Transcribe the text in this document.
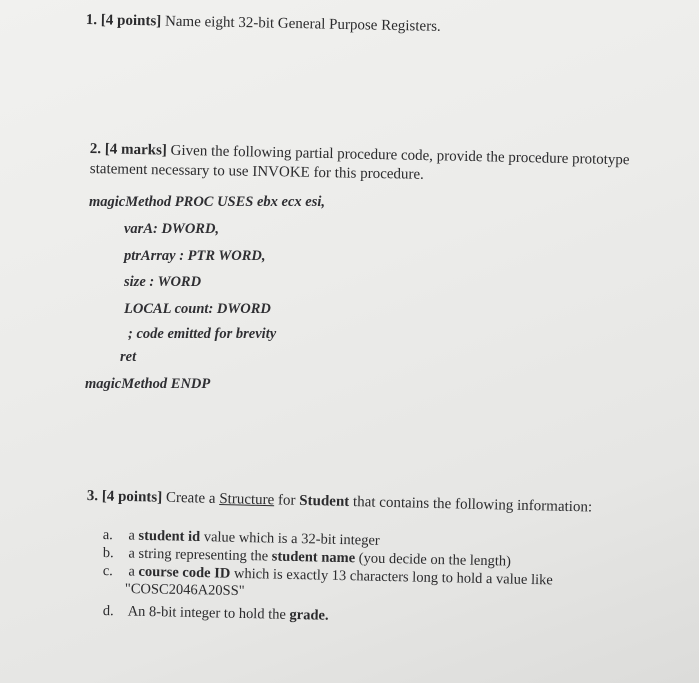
1. [4 points] Name eight 32-bit General Purpose Registers.
2. [4 marks] Given the following partial procedure code, provide the procedure prototype
statement necessary to use INVOKE for this procedure.
magicMethod PROC USES ebx ecx esi,
varA: DWORD,
ptrArray : PTR WORD,
size : WORD
LOCAL count: DWORD
; code emitted for brevity
ret
magicMethod ENDP
3. [4 points] Create a Structure for Student that contains the following information:
a. a student id value which is a 32-bit integer
b. a string representing the student name (you decide on the length)
c. a course code ID which is exactly 13 characters long to hold a value like
"COSC2046A20SS"
d. An 8-bit integer to hold the grade.
